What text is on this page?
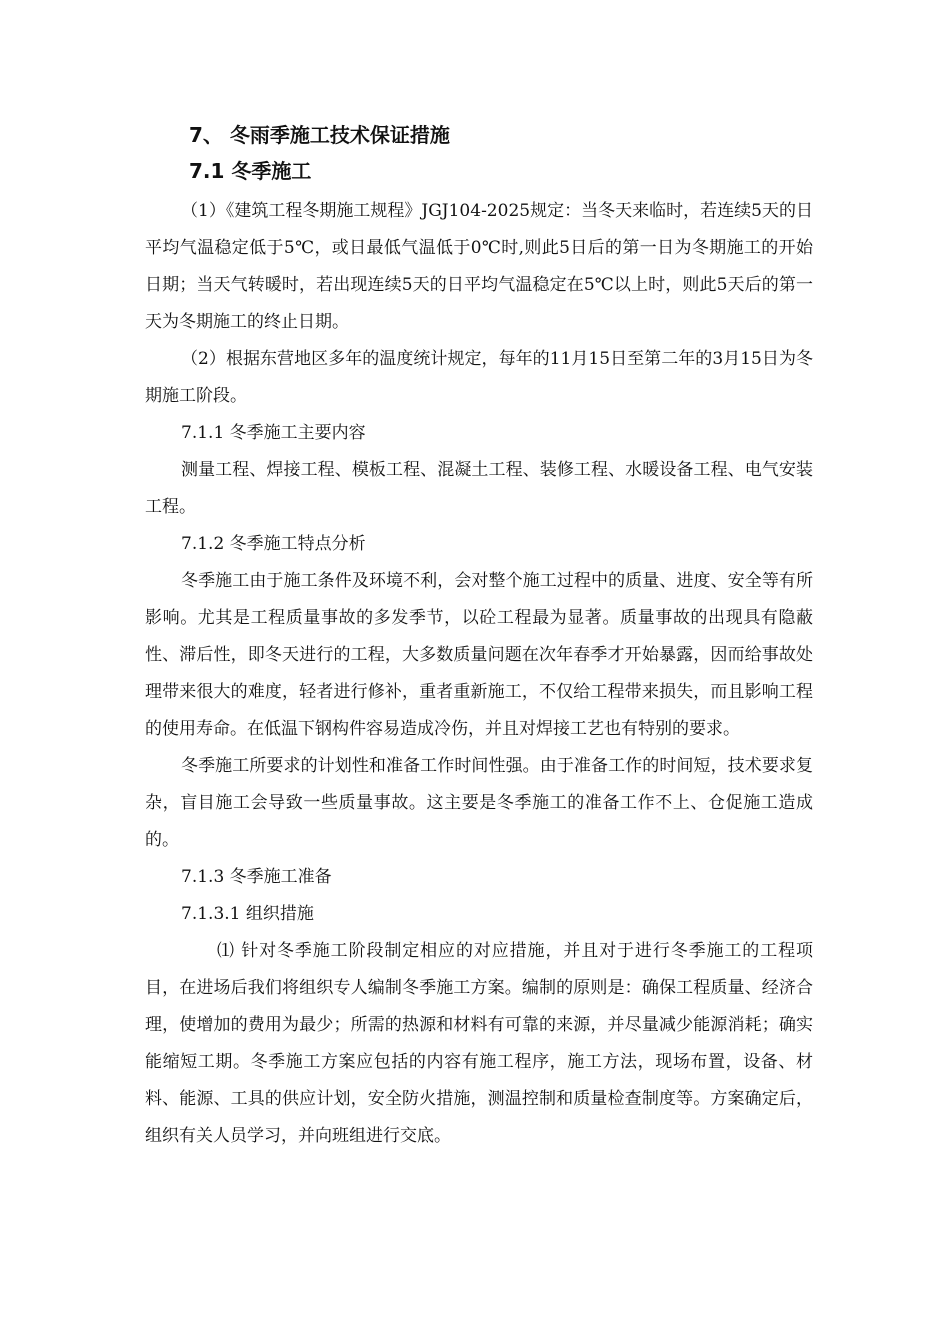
7、 冬雨季施工技术保证措施
7.1 冬季施工

（1）《建筑工程冬期施工规程》JGJ104-2025规定：当冬天来临时，若连续5天的日平均气温稳定低于5℃，或日最低气温低于0℃时,则此5日后的第一日为冬期施工的开始日期；当天气转暖时，若出现连续5天的日平均气温稳定在5℃以上时，则此5天后的第一天为冬期施工的终止日期。

（2）根据东营地区多年的温度统计规定，每年的11月15日至第二年的3月15日为冬期施工阶段。

7.1.1 冬季施工主要内容

测量工程、焊接工程、模板工程、混凝土工程、装修工程、水暖设备工程、电气安装工程。

7.1.2 冬季施工特点分析

冬季施工由于施工条件及环境不利，会对整个施工过程中的质量、进度、安全等有所影响。尤其是工程质量事故的多发季节，以砼工程最为显著。质量事故的出现具有隐蔽性、滞后性，即冬天进行的工程，大多数质量问题在次年春季才开始暴露，因而给事故处理带来很大的难度，轻者进行修补，重者重新施工，不仅给工程带来损失，而且影响工程的使用寿命。在低温下钢构件容易造成冷伤，并且对焊接工艺也有特别的要求。

冬季施工所要求的计划性和准备工作时间性强。由于准备工作的时间短，技术要求复杂，盲目施工会导致一些质量事故。这主要是冬季施工的准备工作不上、仓促施工造成的。

7.1.3 冬季施工准备
7.1.3.1 组织措施

⑴ 针对冬季施工阶段制定相应的对应措施，并且对于进行冬季施工的工程项目，在进场后我们将组织专人编制冬季施工方案。编制的原则是：确保工程质量、经济合理，使增加的费用为最少；所需的热源和材料有可靠的来源，并尽量减少能源消耗；确实能缩短工期。冬季施工方案应包括的内容有施工程序，施工方法，现场布置，设备、材料、能源、工具的供应计划，安全防火措施，测温控制和质量检查制度等。方案确定后，组织有关人员学习，并向班组进行交底。
